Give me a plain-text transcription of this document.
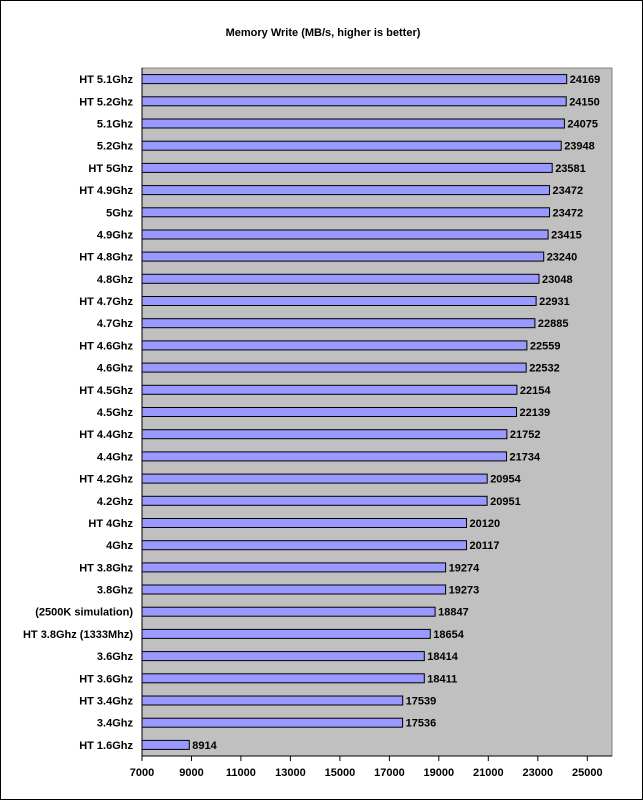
Memory Write (MB/s, higher is better)
HT 5.1Ghz
HT 5.2Ghz
5.1Ghz
5.2Ghz
HT 5Ghz
HT 4.9Ghz
5Ghz
4.9Ghz
HT 4.8Ghz
4.8Ghz
HT 4.7Ghz
4.7Ghz
HT 4.6Ghz
4.6Ghz
HT 4.5Ghz
4.5Ghz
HT 4.4Ghz
4.4Ghz
HT 4.2Ghz
4.2Ghz
HT 4Ghz
4Ghz
HT 3.8Ghz
3.8Ghz
(2500K simulation)
HT 3.8Ghz (1333Mhz)
3.6Ghz
HT 3.6Ghz
HT 3.4Ghz
3.4Ghz
HT 1.6Ghz
24169
24150
24075
23948
23581
23472
23472
23415
23240
23048
22931
22885
22559
22532
22154
22139
21752
21734
20954
20951
20120
20117
19274
19273
18847
18654
18414
18411
17539
17536
8914
7000 9000 11000 13000 15000 17000 19000 21000 23000 25000
